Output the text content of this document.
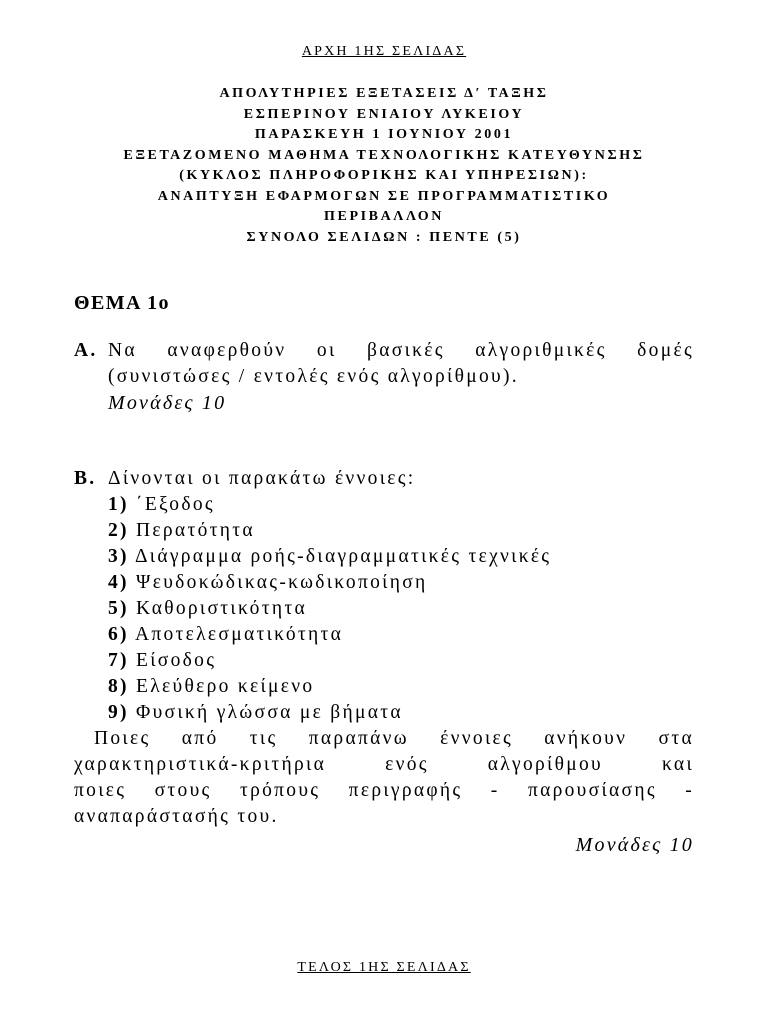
ΑΡΧΗ 1ΗΣ ΣΕΛΙΔΑΣ
ΑΠΟΛΥΤΗΡΙΕΣ ΕΞΕΤΑΣΕΙΣ Δ′ ΤΑΞΗΣ
ΕΣΠΕΡΙΝΟΥ ΕΝΙΑΙΟΥ ΛΥΚΕΙΟΥ
ΠΑΡΑΣΚΕΥΗ 1 ΙΟΥΝΙΟΥ 2001
ΕΞΕΤΑΖΟΜΕΝΟ ΜΑΘΗΜΑ ΤΕΧΝΟΛΟΓΙΚΗΣ ΚΑΤΕΥΘΥΝΣΗΣ
(ΚΥΚΛΟΣ ΠΛΗΡΟΦΟΡΙΚΗΣ ΚΑΙ ΥΠΗΡΕΣΙΩΝ):
ΑΝΑΠΤΥΞΗ ΕΦΑΡΜΟΓΩΝ ΣΕ ΠΡΟΓΡΑΜΜΑΤΙΣΤΙΚΟ
ΠΕΡΙΒΑΛΛΟΝ
ΣΥΝΟΛΟ ΣΕΛΙΔΩΝ : ΠΕΝΤΕ (5)
ΘΕΜΑ 1ο
Α. Να αναφερθούν οι βασικές αλγοριθμικές δομές
(συνιστώσες / εντολές ενός αλγορίθμου).
Μονάδες 10
Β. Δίνονται οι παρακάτω έννοιες:
1) ΄Εξοδος
2) Περατότητα
3) Διάγραμμα ροής-διαγραμματικές τεχνικές
4) Ψευδοκώδικας-κωδικοποίηση
5) Καθοριστικότητα
6) Αποτελεσματικότητα
7) Είσοδος
8) Ελεύθερο κείμενο
9) Φυσική γλώσσα με βήματα
Ποιες από τις παραπάνω έννοιες ανήκουν στα
χαρακτηριστικά-κριτήρια ενός αλγορίθμου και
ποιες στους τρόπους περιγραφής - παρουσίασης -
αναπαράστασής του.
Μονάδες 10
ΤΕΛΟΣ 1ΗΣ ΣΕΛΙΔΑΣ
